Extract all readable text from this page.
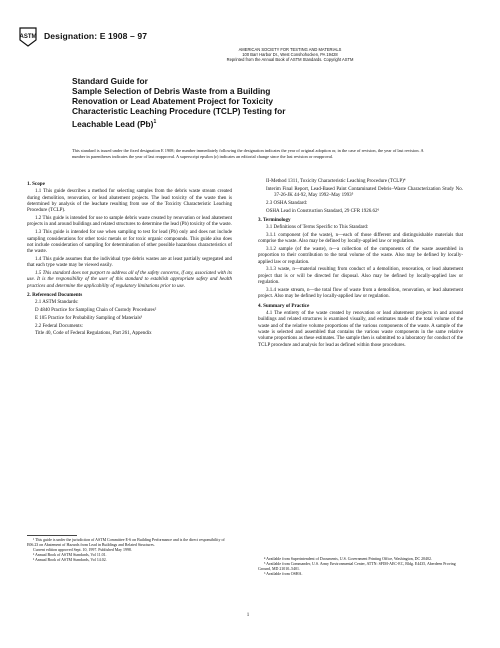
ASTM Designation: E 1908 – 97
AMERICAN SOCIETY FOR TESTING AND MATERIALS
100 Barr Harbor Dr., West Conshohocken, PA 19428
Reprinted from the Annual Book of ASTM Standards. Copyright ASTM
Standard Guide for
Sample Selection of Debris Waste from a Building
Renovation or Lead Abatement Project for Toxicity
Characteristic Leaching Procedure (TCLP) Testing for
Leachable Lead $(Pb)^1$
This standard is issued under the fixed designation E 1908; the number immediately following the designation indicates the year of original adoption or, in the case of revision, the year of last revision. A number in parentheses indicates the year of last reapproval. A superscript epsilon (ε) indicates an editorial change since the last revision or reapproval.
1. Scope

1.1 This guide describes a method for selecting samples from the debris waste stream created during demolition, renovation, or lead abatement projects. The lead toxicity of the waste then is determined by analysis of the leachate resulting from use of the Toxicity Characteristic Leaching Procedure (TCLP).

1.2 This guide is intended for use to sample debris waste created by renovation or lead abatement projects in and around buildings and related structures to determine the lead (Pb) toxicity of the waste.

1.3 This guide is intended for use when sampling to test for lead (Pb) only and does not include sampling considerations for other toxic metals or for toxic organic compounds. This guide also does not include consideration of sampling for determination of other possible hazardous characteristics of the waste.

1.4 This guide assumes that the individual type debris wastes are at least partially segregated and that each type waste may be viewed easily.

1.5 This standard does not purport to address all of the safety concerns, if any, associated with its use. It is the responsibility of the user of this standard to establish appropriate safety and health practices and determine the applicability of regulatory limitations prior to use.

2. Referenced Documents

2.1 ASTM Standards:

D 4840 Practice for Sampling Chain of Custody Procedures²

E 105 Practice for Probability Sampling of Materials³

2.2 Federal Documents:

Title 40, Code of Federal Regulations, Part 261, Appendix

II-Method 1311, Toxicity Characteristic Leaching Procedure (TCLP)⁴

Interim Final Report, Lead-Based Paint Contaminated Debris–Waste Characterization Study No. 37-26-JK 44-92, May 1992–May 1993⁵

2.3 OSHA Standard:

OSHA Lead in Construction Standard, 29 CFR 1926.62⁶

3. Terminology

3.1 Definitions of Terms Specific to This Standard:

3.1.1 component (of the waste), n—each of those different and distinguishable materials that comprise the waste. Also may be defined by locally-applied law or regulation.

3.1.2 sample (of the waste), n—a collection of the components of the waste assembled in proportion to their contribution to the total volume of the waste. Also may be defined by locally-applied law or regulation.

3.1.3 waste, n—material resulting from conduct of a demolition, renovation, or lead abatement project that is or will be directed for disposal. Also may be defined by locally-applied law or regulation.

3.1.4 waste stream, n—the total flow of waste from a demolition, renovation, or lead abatement project. Also may be defined by locally-applied law or regulation.

4. Summary of Practice

4.1 The entirety of the waste created by renovation or lead abatement projects in and around buildings and related structures is examined visually, and estimates made of the total volume of the waste and of the relative volume proportions of the various components of the waste. A sample of the waste is selected and assembled that contains the various waste components in the same relative volume proportions as these estimates. The sample then is submitted to a laboratory for conduct of the TCLP procedure and analysis for lead as defined within those procedures.

¹ This guide is under the jurisdiction of ASTM Committee E-6 on Building Performance and is the direct responsibility of E06.23 on Abatement of Hazards from Lead in Buildings and Related Structures.
Current edition approved Sept. 10, 1997. Published May 1998.
² Annual Book of ASTM Standards, Vol 11.01.
³ Annual Book of ASTM Standards, Vol 14.02.	⁴ Available from Superintendent of Documents, U.S. Government Printing Office, Washington, DC 20402.
⁵ Available from Commander, U.S. Army Environmental Center, ATTN: SFIM-AEC-EC, Bldg. E4435, Aberdeen Proving Ground, MD 21010–5401.
⁶ Available from OSHA.
1
